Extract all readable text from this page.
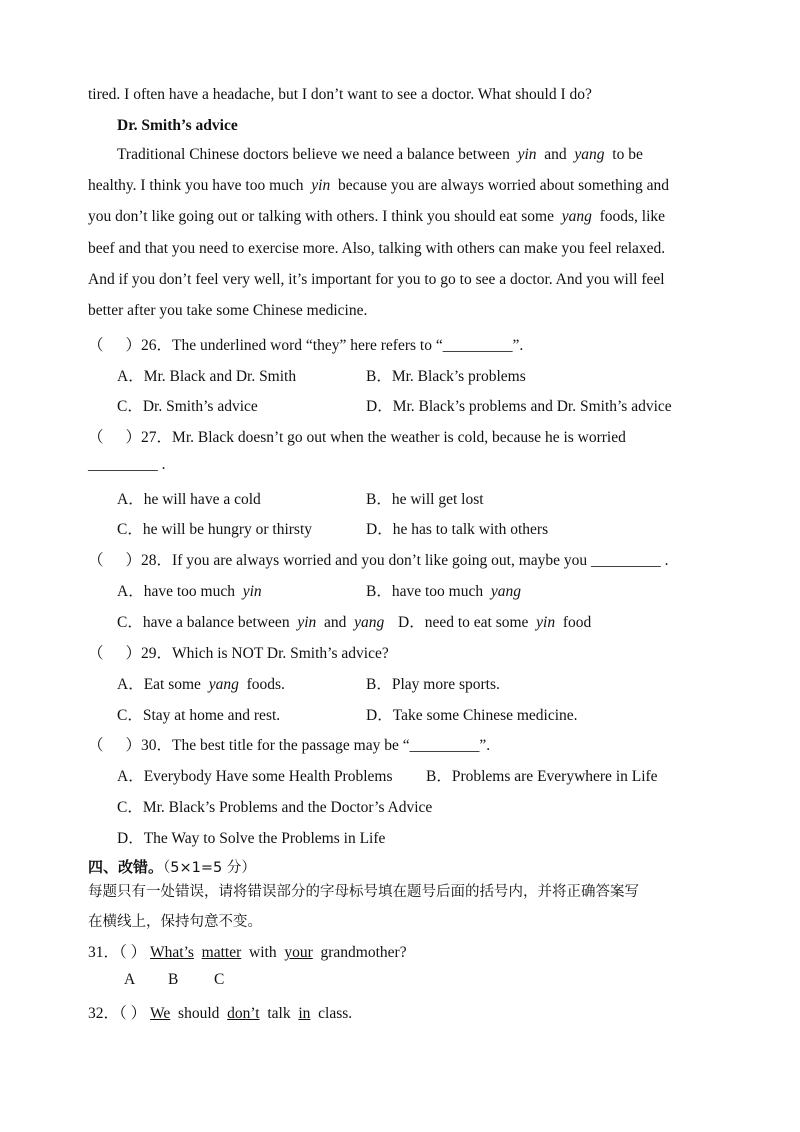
tired. I often have a headache, but I don’t want to see a doctor. What should I do?
Dr. Smith’s advice
Traditional Chinese doctors believe we need a balance between yin and yang to be
healthy. I think you have too much yin because you are always worried about something and
you don’t like going out or talking with others. I think you should eat some yang foods, like
beef and that you need to exercise more. Also, talking with others can make you feel relaxed.
And if you don’t feel very well, it’s important for you to go to see a doctor. And you will feel
better after you take some Chinese medicine.
（ ）26．The underlined word “they” here refers to “_________”.
A．Mr. Black and Dr. Smith	B．Mr. Black’s problems
C．Dr. Smith’s advice	D．Mr. Black’s problems and Dr. Smith’s advice
（ ）27．Mr. Black doesn’t go out when the weather is cold, because he is worried
_________ .
A．he will have a cold	B．he will get lost
C．he will be hungry or thirsty	D．he has to talk with others
（ ）28．If you are always worried and you don’t like going out, maybe you _________ .
A．have too much yin	B．have too much yang
C．have a balance between yin and yang D．need to eat some yin food
（ ）29．Which is NOT Dr. Smith’s advice?
A．Eat some yang foods.	B．Play more sports.
C．Stay at home and rest.	D．Take some Chinese medicine.
（ ）30．The best title for the passage may be “_________”.
A．Everybody Have some Health Problems B．Problems are Everywhere in Life
C．Mr. Black’s Problems and the Doctor’s Advice
D．The Way to Solve the Problems in Life
四、改错。（5×1=5 分）
每题只有一处错误，请将错误部分的字母标号填在题号后面的括号内，并将正确答案写
在横线上，保持句意不变。
31．（ ） What’s matter with your grandmother?
A B C
32．（ ） We should don’t talk in class.
